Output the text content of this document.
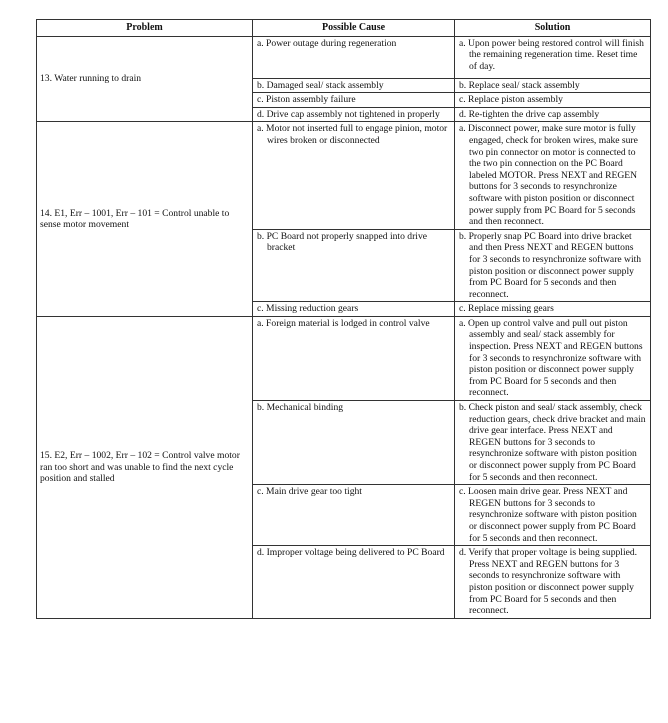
Problem	Possible Cause	Solution
13. Water running to drain	a. Power outage during regeneration	a. Upon power being restored control will finish the remaining regeneration time. Reset time of day.

	b. Damaged seal/ stack assembly	b. Replace seal/ stack assembly

	c. Piston assembly failure	c. Replace piston assembly

	d. Drive cap assembly not tightened in properly	d. Re-tighten the drive cap assembly

14. E1, Err – 1001, Err – 101 = Control unable to sense motor movement	a. Motor not inserted full to engage pinion, motor wires broken or disconnected	a. Disconnect power, make sure motor is fully engaged, check for broken wires, make sure two pin connector on motor is connected to the two pin connection on the PC Board labeled MOTOR. Press NEXT and REGEN buttons for 3 seconds to resynchronize software with piston position or disconnect power supply from PC Board for 5 seconds and then reconnect.

	b. PC Board not properly snapped into drive bracket	b. Properly snap PC Board into drive bracket and then Press NEXT and REGEN buttons for 3 seconds to resynchronize software with piston position or disconnect power supply from PC Board for 5 seconds and then reconnect.

	c. Missing reduction gears	c. Replace missing gears

15. E2, Err – 1002, Err – 102 = Control valve motor ran too short and was unable to find the next cycle position and stalled	a. Foreign material is lodged in control valve	a. Open up control valve and pull out piston assembly and seal/ stack assembly for inspection. Press NEXT and REGEN buttons for 3 seconds to resynchronize software with piston position or disconnect power supply from PC Board for 5 seconds and then reconnect.

	b. Mechanical binding	b. Check piston and seal/ stack assembly, check reduction gears, check drive bracket and main drive gear interface. Press NEXT and REGEN buttons for 3 seconds to resynchronize software with piston position or disconnect power supply from PC Board for 5 seconds and then reconnect.

	c. Main drive gear too tight	c. Loosen main drive gear. Press NEXT and REGEN buttons for 3 seconds to resynchronize software with piston position or disconnect power supply from PC Board for 5 seconds and then reconnect.

	d. Improper voltage being delivered to PC Board	d. Verify that proper voltage is being supplied. Press NEXT and REGEN buttons for 3 seconds to resynchronize software with piston position or disconnect power supply from PC Board for 5 seconds and then reconnect.
